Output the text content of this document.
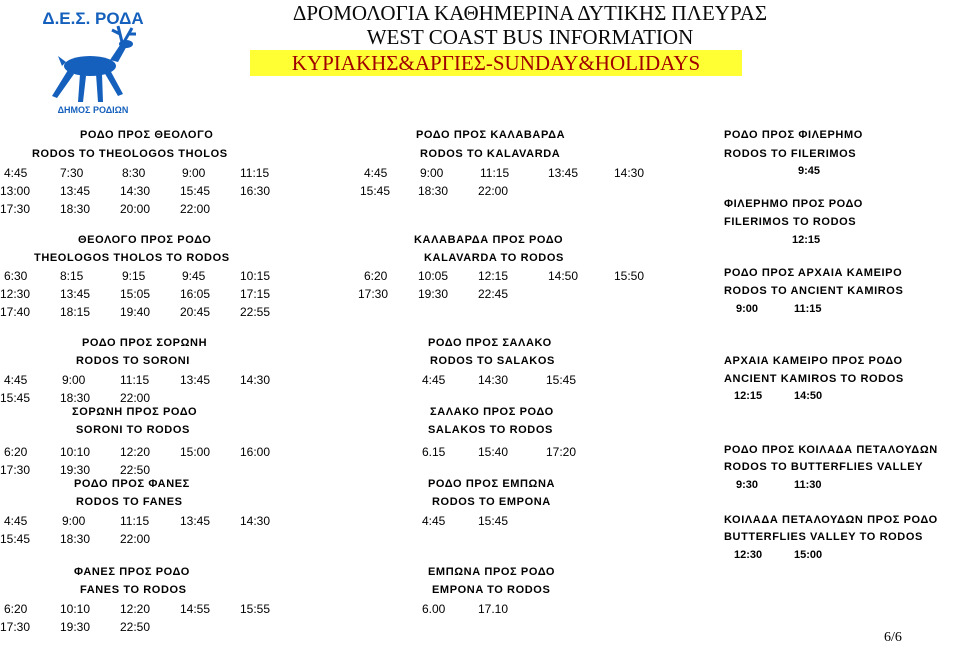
Δ.Ε.Σ. ΡΟΔΑ
ΔΗΜΟΣ ΡΟΔΙΩΝ
ΔΡΟΜΟΛΟΓΙΑ ΚΑΘΗΜΕΡΙΝΑ ΔΥΤΙΚΗΣ ΠΛΕΥΡΑΣ
WEST COAST BUS INFORMATION
ΚΥΡΙΑΚΗΣ&ΑΡΓΙΕΣ-SUNDAY&HOLIDAYS
ΡΟΔΟ ΠΡΟΣ ΘΕΟΛΟΓΟ
RODOS TO THEOLOGOS THOLOS
4:45	7:30	8:30	9:00	11:15
13:00 13:45 14:30 15:45 16:30
17:30 18:30 20:00 22:00
ΘΕΟΛΟΓΟ ΠΡΟΣ ΡΟΔΟ
THEOLOGOS THOLOS TO RODOS
6:30	8:15	9:15	9:45	10:15
12:30 13:45 15:05 16:05 17:15
17:40 18:15 19:40 20:45 22:55
ΡΟΔΟ ΠΡΟΣ ΣΟΡΩΝΗ
RODOS TO SORONI
4:45	9:00	11:15	13:45 14:30
15:45 18:30 22:00
ΣΟΡΩΝΗ ΠΡΟΣ ΡΟΔΟ
SORONI TO RODOS
6:20	10:10 12:20 15:00 16:00
17:30 19:30 22:50
ΡΟΔΟ ΠΡΟΣ ΦΑΝΕΣ
RODOS TO FANES
4:45	9:00	11:15	13:45 14:30
15:45 18:30 22:00
ΦΑΝΕΣ ΠΡΟΣ ΡΟΔΟ
FANES TO RODOS
6:20	10:10 12:20 14:55 15:55
17:30 19:30 22:50
ΡΟΔΟ ΠΡΟΣ ΚΑΛΑΒΑΡΔΑ
RODOS TO KALAVARDA
4:45	9:00	11:15	13:45	14:30
15:45 18:30 22:00
ΚΑΛΑΒΑΡΔΑ ΠΡΟΣ ΡΟΔΟ
KALAVARDA TO RODOS
6:20	10:05 12:15	14:50	15:50
17:30 19:30 22:45
ΡΟΔΟ ΠΡΟΣ ΣΑΛΑΚΟ
RODOS TO SALAKOS
4:45	14:30	15:45
ΣΑΛΑΚΟ ΠΡΟΣ ΡΟΔΟ
SALAKOS TO RODOS
6.15	15:40	17:20
ΡΟΔΟ ΠΡΟΣ ΕΜΠΩΝΑ
RODOS TO EMPONA
4:45	15:45
ΕΜΠΩΝΑ ΠΡΟΣ ΡΟΔΟ
EMPONA TO RODOS
6.00	17.10
ΡΟΔΟ ΠΡΟΣ ΦΙΛΕΡΗΜΟ
RODOS TO FILERIMOS
9:45
ΦΙΛΕΡΗΜΟ ΠΡΟΣ ΡΟΔΟ
FILERIMOS TO RODOS
12:15
ΡΟΔΟ ΠΡΟΣ ΑΡΧΑΙΑ ΚΑΜΕΙΡΟ
RODOS TO ANCIENT KAMIROS
9:00	11:15
ΑΡΧΑΙΑ ΚΑΜΕΙΡΟ ΠΡΟΣ ΡΟΔΟ
ANCIENT KAMIROS TO RODOS
12:15	14:50
ΡΟΔΟ ΠΡΟΣ ΚΟΙΛΑΔΑ ΠΕΤΑΛΟΥΔΩΝ
RODOS TO BUTTERFLIES VALLEY
9:30	11:30
ΚΟΙΛΑΔΑ ΠΕΤΑΛΟΥΔΩΝ ΠΡΟΣ ΡΟΔΟ
BUTTERFLIES VALLEY TO RODOS
12:30	15:00
6/6
